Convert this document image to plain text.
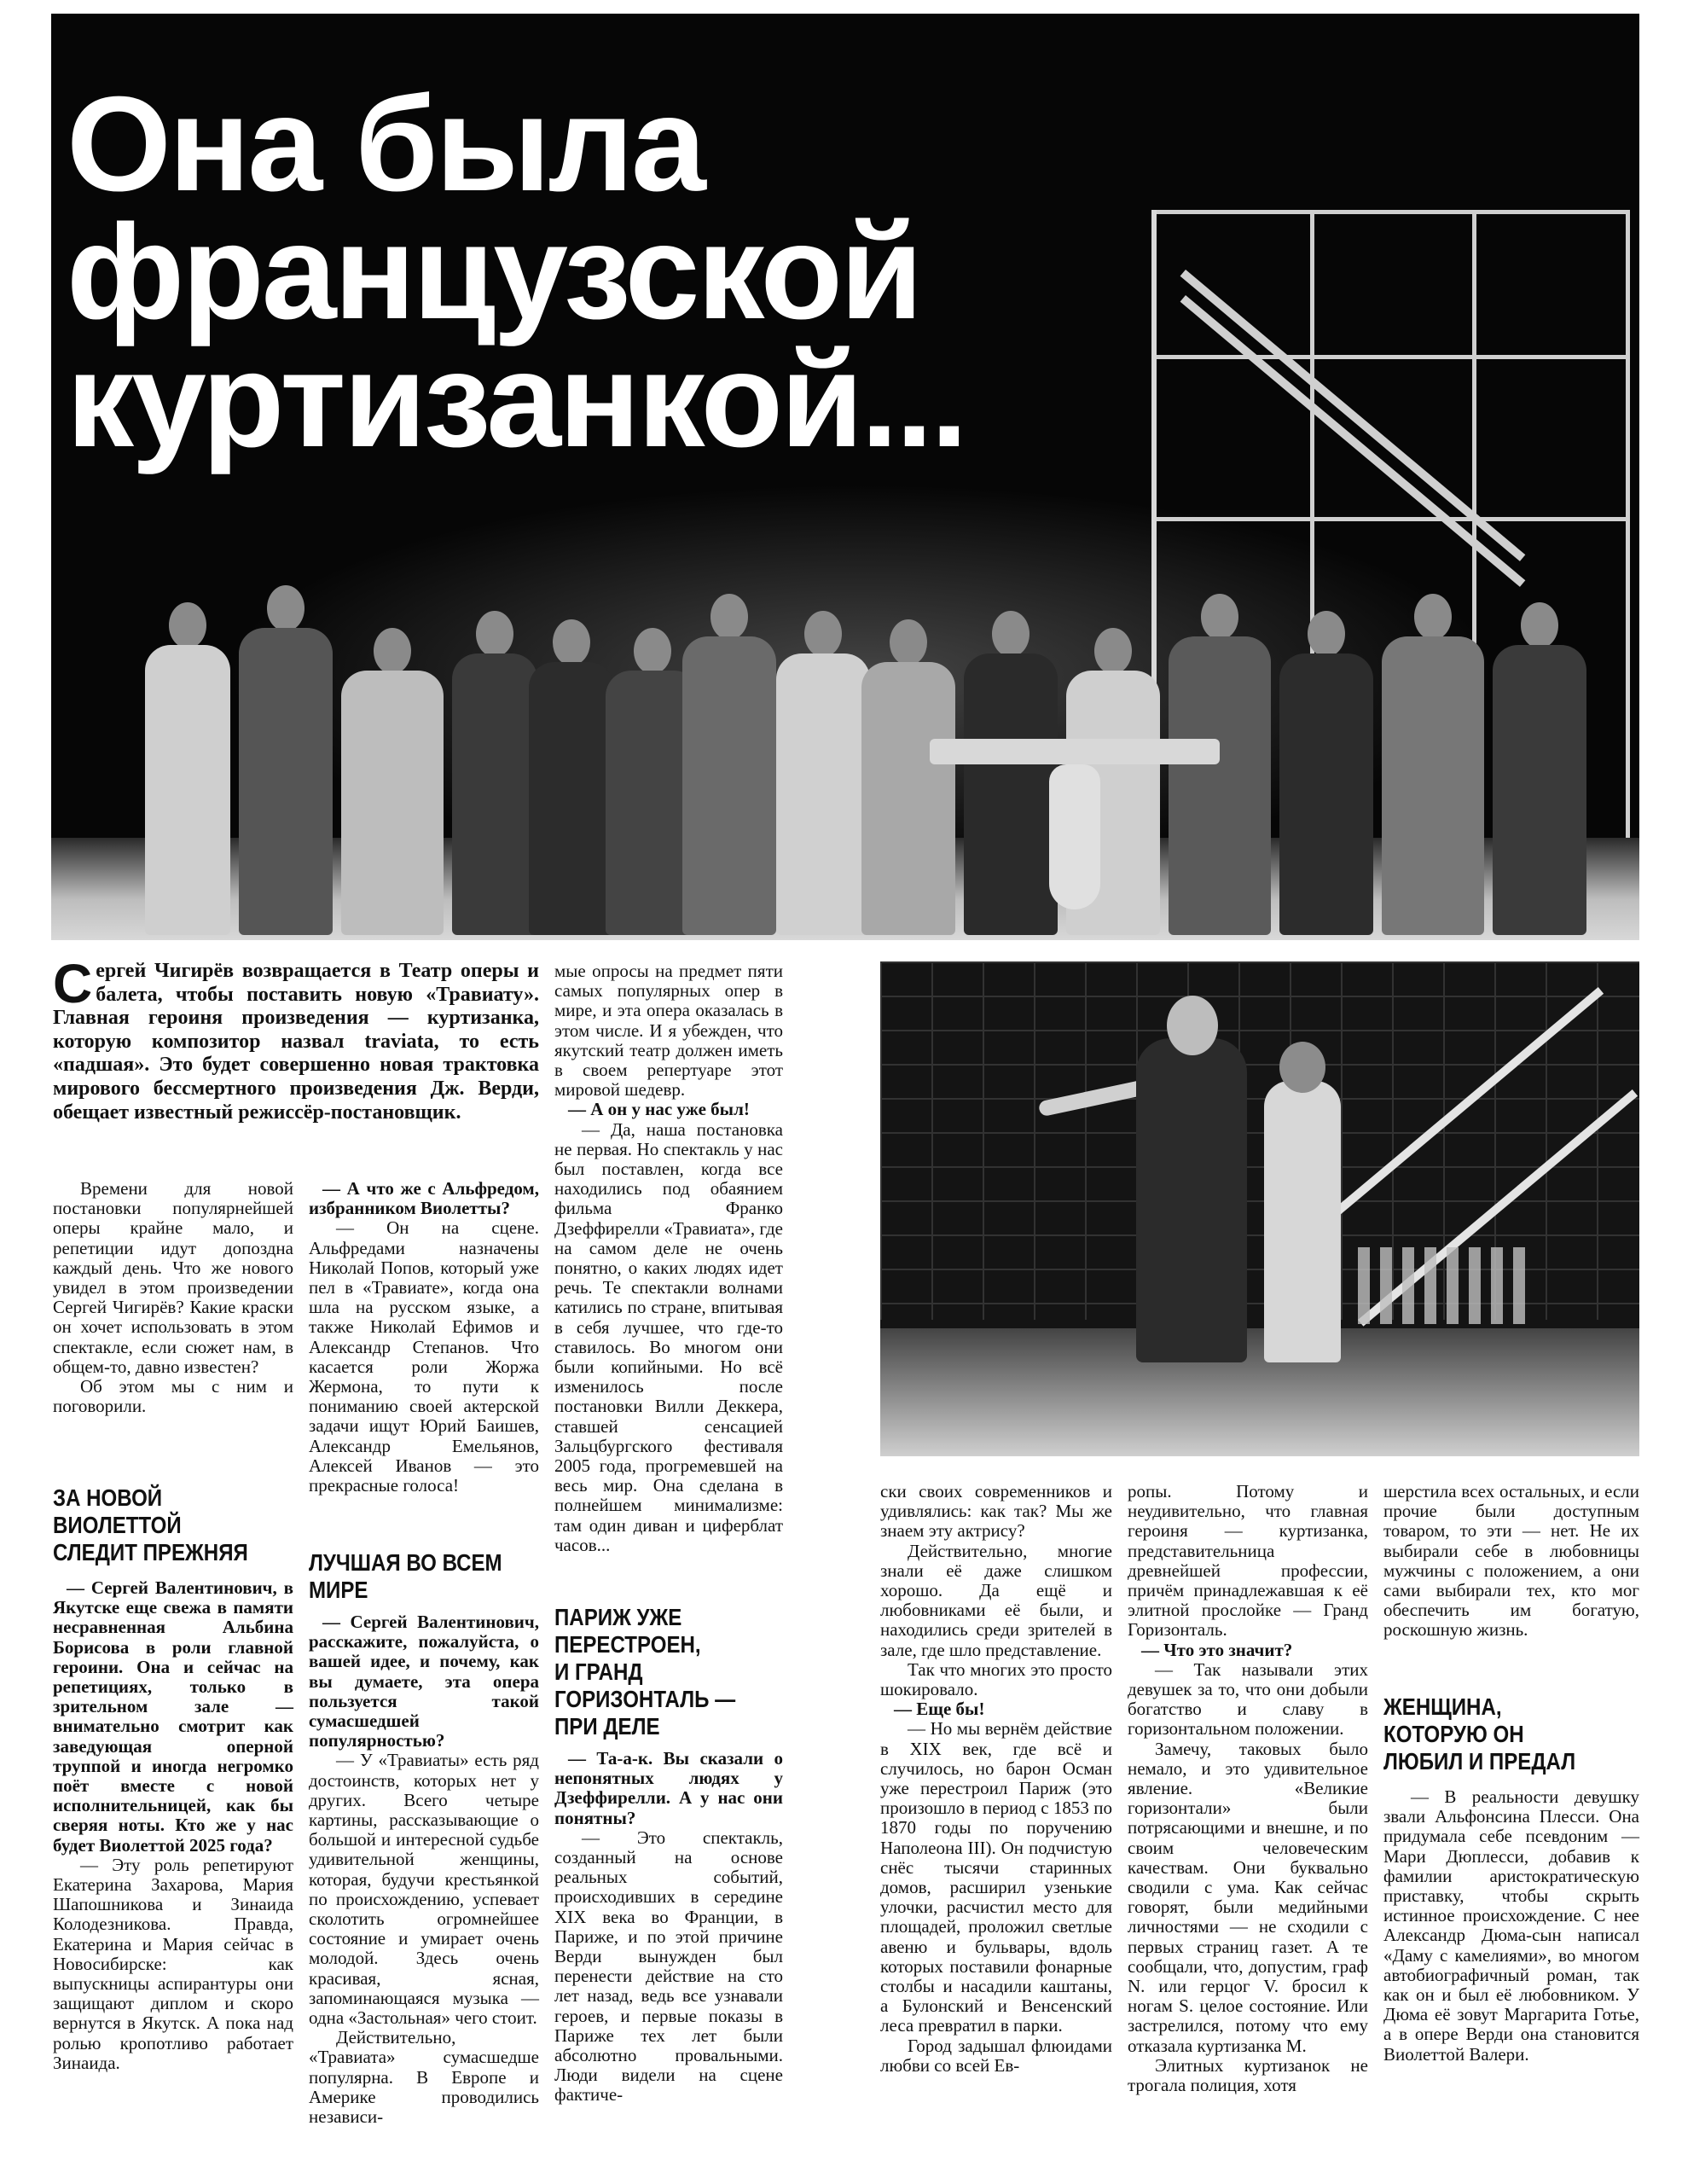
Она была
французской
куртизанкой...

Сергей Чигирёв возвращается в Театр оперы и балета, чтобы поставить новую «Травиату». Главная героиня произведения — куртизанка, которую композитор назвал traviata, то есть «падшая». Это будет совершенно новая трактовка мирового бессмертного произведения Дж. Верди, обещает известный режиссёр-постановщик.

Времени для новой постановки популярнейшей оперы крайне мало, и репетиции идут допоздна каждый день. Что же нового увидел в этом произведении Сергей Чигирёв? Какие краски он хочет использовать в этом спектакле, если сюжет нам, в общем-то, давно известен?

Об этом мы с ним и поговорили.

ЗА НОВОЙ
ВИОЛЕТТОЙ
СЛЕДИТ ПРЕЖНЯЯ

— Сергей Валентинович, в Якутске еще свежа в памяти несравненная Альбина Борисова в роли главной героини. Она и сейчас на репетициях, только в зрительном зале — внимательно смотрит как заведующая оперной труппой и иногда негромко поёт вместе с новой исполнительницей, как бы сверяя ноты. Кто же у нас будет Виолеттой 2025 года?

— Эту роль репетируют Екатерина Захарова, Мария Шапошникова и Зинаида Колодезникова. Правда, Екатерина и Мария сейчас в Новосибирске: как выпускницы аспирантуры они защищают диплом и скоро вернутся в Якутск. А пока над ролью кропотливо работает Зинаида.

— А что же с Альфредом, избранником Виолетты?

— Он на сцене. Альфредами назначены Николай Попов, который уже пел в «Травиате», когда она шла на русском языке, а также Николай Ефимов и Александр Степанов. Что касается роли Жоржа Жермона, то пути к пониманию своей актерской задачи ищут Юрий Баишев, Александр Емельянов, Алексей Иванов — это прекрасные голоса!

ЛУЧШАЯ ВО ВСЕМ
МИРЕ

— Сергей Валентинович, расскажите, пожалуйста, о вашей идее, и почему, как вы думаете, эта опера пользуется такой сумасшедшей популярностью?

— У «Травиаты» есть ряд достоинств, которых нет у других. Всего четыре картины, рассказывающие о большой и интересной судьбе удивительной женщины, которая, будучи крестьянкой по происхождению, успевает сколотить огромнейшее состояние и умирает очень молодой. Здесь очень красивая, ясная, запоминающаяся музыка — одна «Застольная» чего стоит.

Действительно, «Травиата» сумасшедше популярна. В Европе и Америке проводились независи-

мые опросы на предмет пяти самых популярных опер в мире, и эта опера оказалась в этом числе. И я убежден, что якутский театр должен иметь в своем репертуаре этот мировой шедевр.

— А он у нас уже был!

— Да, наша постановка не первая. Но спектакль у нас был поставлен, когда все находились под обаянием фильма Франко Дзеффирелли «Травиата», где на самом деле не очень понятно, о каких людях идет речь. Те спектакли волнами катились по стране, впитывая в себя лучшее, что где-то ставилось. Во многом они были копийными. Но всё изменилось после постановки Вилли Деккера, ставшей сенсацией Зальцбургского фестиваля 2005 года, прогремевшей на весь мир. Она сделана в полнейшем минимализме: там один диван и циферблат часов...

ПАРИЖ УЖЕ
ПЕРЕСТРОЕН,
И ГРАНД
ГОРИЗОНТАЛЬ —
ПРИ ДЕЛЕ

— Та-а-к. Вы сказали о непонятных людях у Дзеффирелли. А у нас они понятны?

— Это спектакль, созданный на основе реальных событий, происходивших в середине XIX века во Франции, в Париже, и по этой причине Верди вынужден был перенести действие на сто лет назад, ведь все узнавали героев, и первые показы в Париже тех лет были абсолютно провальными. Люди видели на сцене фактиче-

ски своих современников и удивлялись: как так? Мы же знаем эту актрису?

Действительно, многие знали её даже слишком хорошо. Да ещё и любовниками её были, и находились среди зрителей в зале, где шло представление.

Так что многих это просто шокировало.

— Еще бы!

— Но мы вернём действие в XIX век, где всё и случилось, но барон Осман уже перестроил Париж (это произошло в период с 1853 по 1870 годы по поручению Наполеона III). Он подчистую снёс тысячи старинных домов, расширил узенькие улочки, расчистил место для площадей, проложил светлые авеню и бульвары, вдоль которых поставили фонарные столбы и насадили каштаны, а Булонский и Венсенский леса превратил в парки.

Город задышал флюидами любви со всей Ев-

ропы. Потому и неудивительно, что главная героиня — куртизанка, представительница древнейшей профессии, причём принадлежавшая к её элитной прослойке — Гранд Горизонталь.

— Что это значит?

— Так называли этих девушек за то, что они добыли богатство и славу в горизонтальном положении.

Замечу, таковых было немало, и это удивительное явление. «Великие горизонтали» были потрясающими и внешне, и по своим человеческим качествам. Они буквально сводили с ума. Как сейчас говорят, были медийными личностями — не сходили с первых страниц газет. А те сообщали, что, допустим, граф N. или герцог V. бросил к ногам S. целое состояние. Или застрелился, потому что ему отказала куртизанка М.

Элитных куртизанок не трогала полиция, хотя

шерстила всех остальных, и если прочие были доступным товаром, то эти — нет. Не их выбирали себе в любовницы мужчины с положением, а они сами выбирали тех, кто мог обеспечить им богатую, роскошную жизнь.

ЖЕНЩИНА,
КОТОРУЮ ОН
ЛЮБИЛ И ПРЕДАЛ

— В реальности девушку звали Альфонсина Плесси. Она придумала себе псевдоним — Мари Дюплесси, добавив к фамилии аристократическую приставку, чтобы скрыть истинное происхождение. С нее Александр Дюма-сын написал «Даму с камелиями», во многом автобиографичный роман, так как он и был её любовником. У Дюма её зовут Маргарита Готье, а в опере Верди она становится Виолеттой Валери.
